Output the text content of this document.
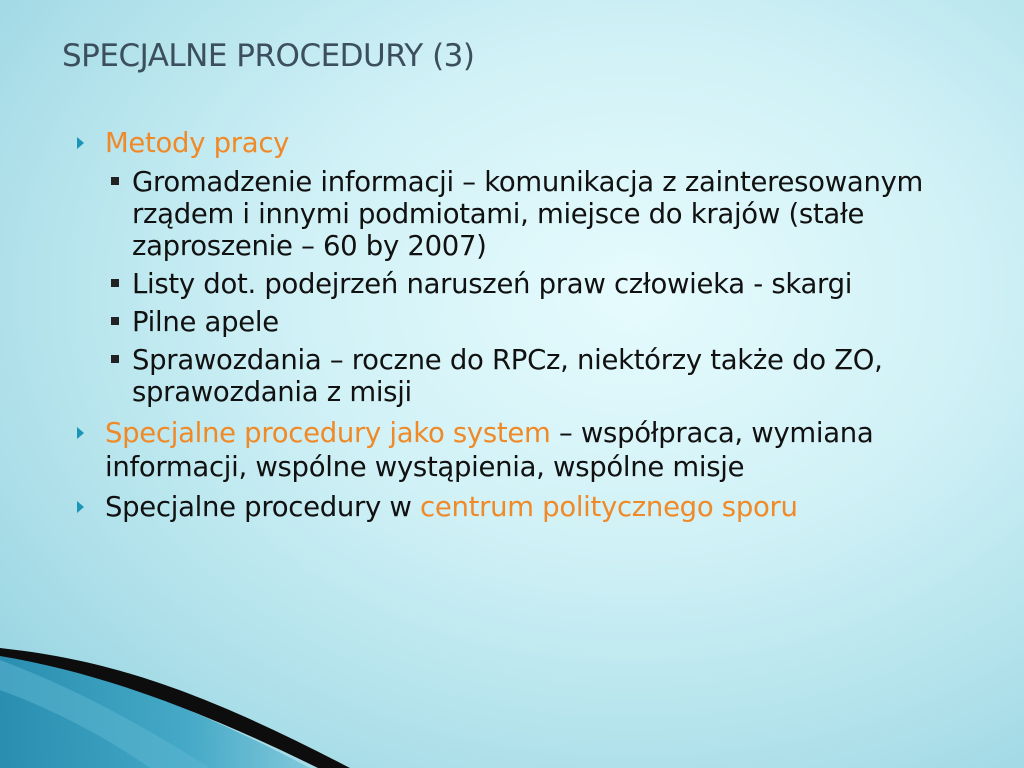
SPECJALNE PROCEDURY (3)
Metody pracy
Gromadzenie informacji – komunikacja z zainteresowanym rządem i innymi podmiotami, miejsce do krajów (stałe zaproszenie – 60 by 2007)
Listy dot. podejrzeń naruszeń praw człowieka - skargi
Pilne apele
Sprawozdania – roczne do RPCz, niektórzy także do ZO, sprawozdania z misji
Specjalne procedury jako system – współpraca, wymiana informacji, wspólne wystąpienia, wspólne misje
Specjalne procedury w centrum politycznego sporu
